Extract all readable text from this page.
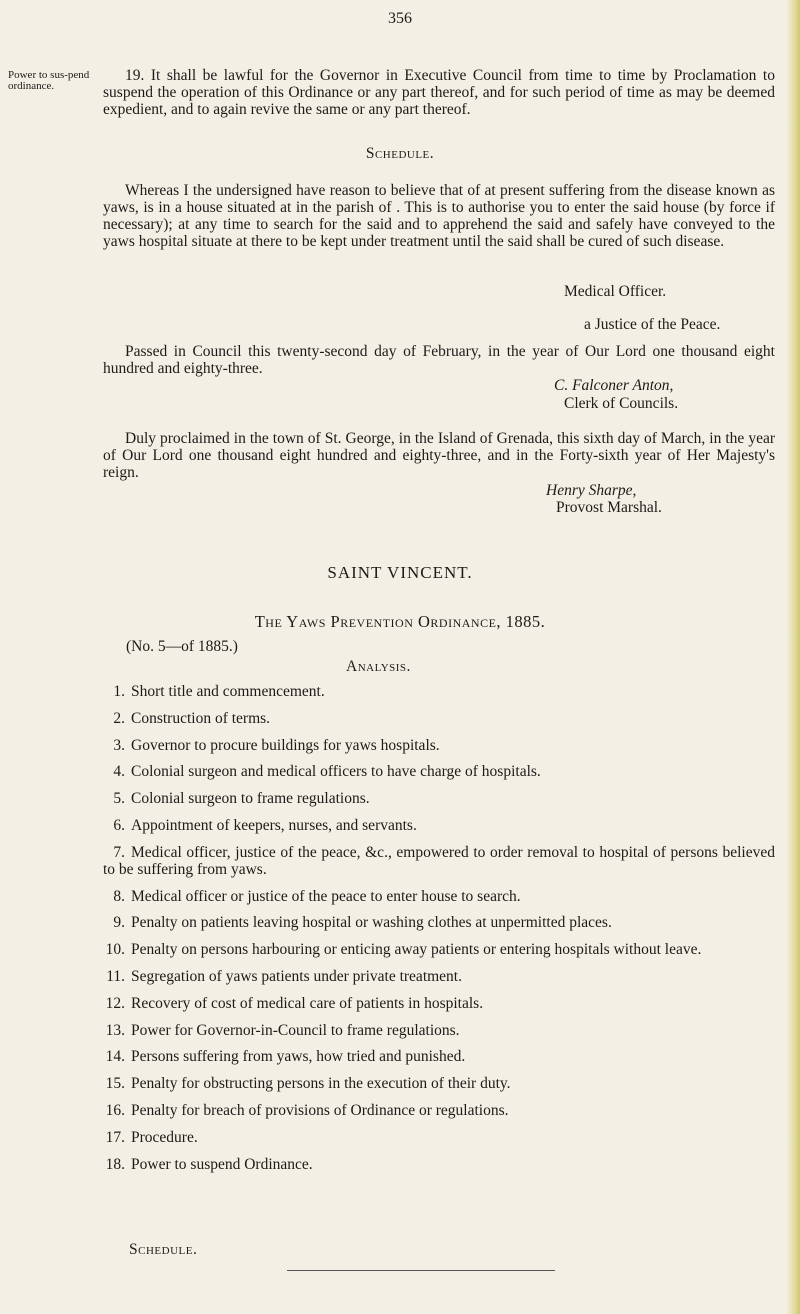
356
Power to sus-pend ordinance.
19. It shall be lawful for the Governor in Executive Council from time to time by Proclamation to suspend the operation of this Ordinance or any part thereof, and for such period of time as may be deemed expedient, and to again revive the same or any part thereof.
Schedule.
Whereas I the undersigned have reason to believe that of at present suffering from the disease known as yaws, is in a house situated at in the parish of . This is to authorise you to enter the said house (by force if necessary); at any time to search for the said and to apprehend the said and safely have conveyed to the yaws hospital situate at there to be kept under treatment until the said shall be cured of such disease.
Medical Officer.
a Justice of the Peace.
Passed in Council this twenty-second day of February, in the year of Our Lord one thousand eight hundred and eighty-three.
C. Falconer Anton,
Clerk of Councils.
Duly proclaimed in the town of St. George, in the Island of Grenada, this sixth day of March, in the year of Our Lord one thousand eight hundred and eighty-three, and in the Forty-sixth year of Her Majesty's reign.
Henry Sharpe,
Provost Marshal.
SAINT VINCENT.
The Yaws Prevention Ordinance, 1885.
(No. 5—of 1885.)
Analysis.
1. Short title and commencement.
2. Construction of terms.
3. Governor to procure buildings for yaws hospitals.
4. Colonial surgeon and medical officers to have charge of hospitals.
5. Colonial surgeon to frame regulations.
6. Appointment of keepers, nurses, and servants.
7. Medical officer, justice of the peace, &c., empowered to order removal to hospital of persons believed to be suffering from yaws.
8. Medical officer or justice of the peace to enter house to search.
9. Penalty on patients leaving hospital or washing clothes at unpermitted places.
10. Penalty on persons harbouring or enticing away patients or entering hospitals without leave.
11. Segregation of yaws patients under private treatment.
12. Recovery of cost of medical care of patients in hospitals.
13. Power for Governor-in-Council to frame regulations.
14. Persons suffering from yaws, how tried and punished.
15. Penalty for obstructing persons in the execution of their duty.
16. Penalty for breach of provisions of Ordinance or regulations.
17. Procedure.
18. Power to suspend Ordinance.
Schedule.
